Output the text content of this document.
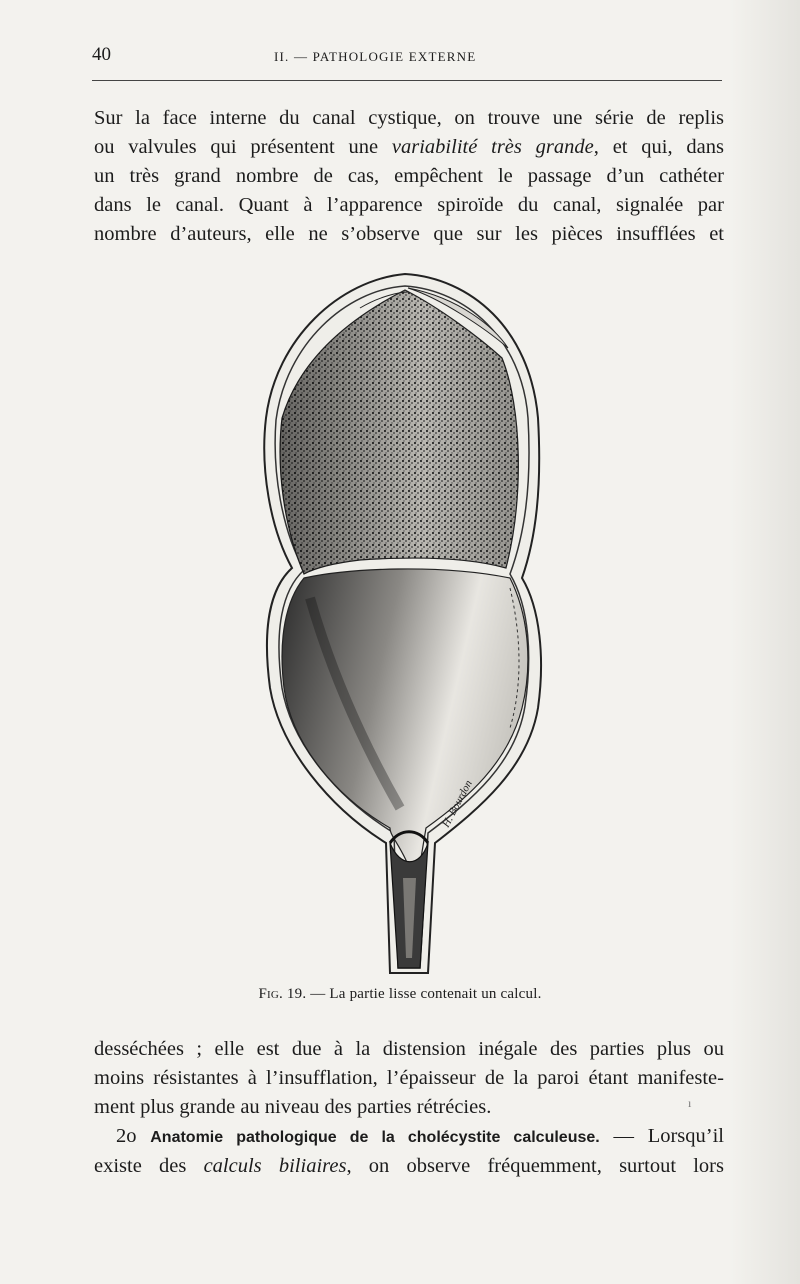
40	II. — PATHOLOGIE EXTERNE
Sur la face interne du canal cystique, on trouve une série de replis
ou valvules qui présentent une variabilité très grande, et qui, dans
un très grand nombre de cas, empêchent le passage d’un cathéter
dans le canal. Quant à l’apparence spiroïde du canal, signalée par
nombre d’auteurs, elle ne s’observe que sur les pièces insufflées et
H. Bourdon
Fig. 19. — La partie lisse contenait un calcul.
desséchées ; elle est due à la distension inégale des parties plus ou
moins résistantes à l’insufflation, l’épaisseur de la paroi étant manifeste-
ment plus grande au niveau des parties rétrécies.	ı
2o Anatomie pathologique de la cholécystite calculeuse. — Lorsqu’il
existe des calculs biliaires, on observe fréquemment, surtout lors
